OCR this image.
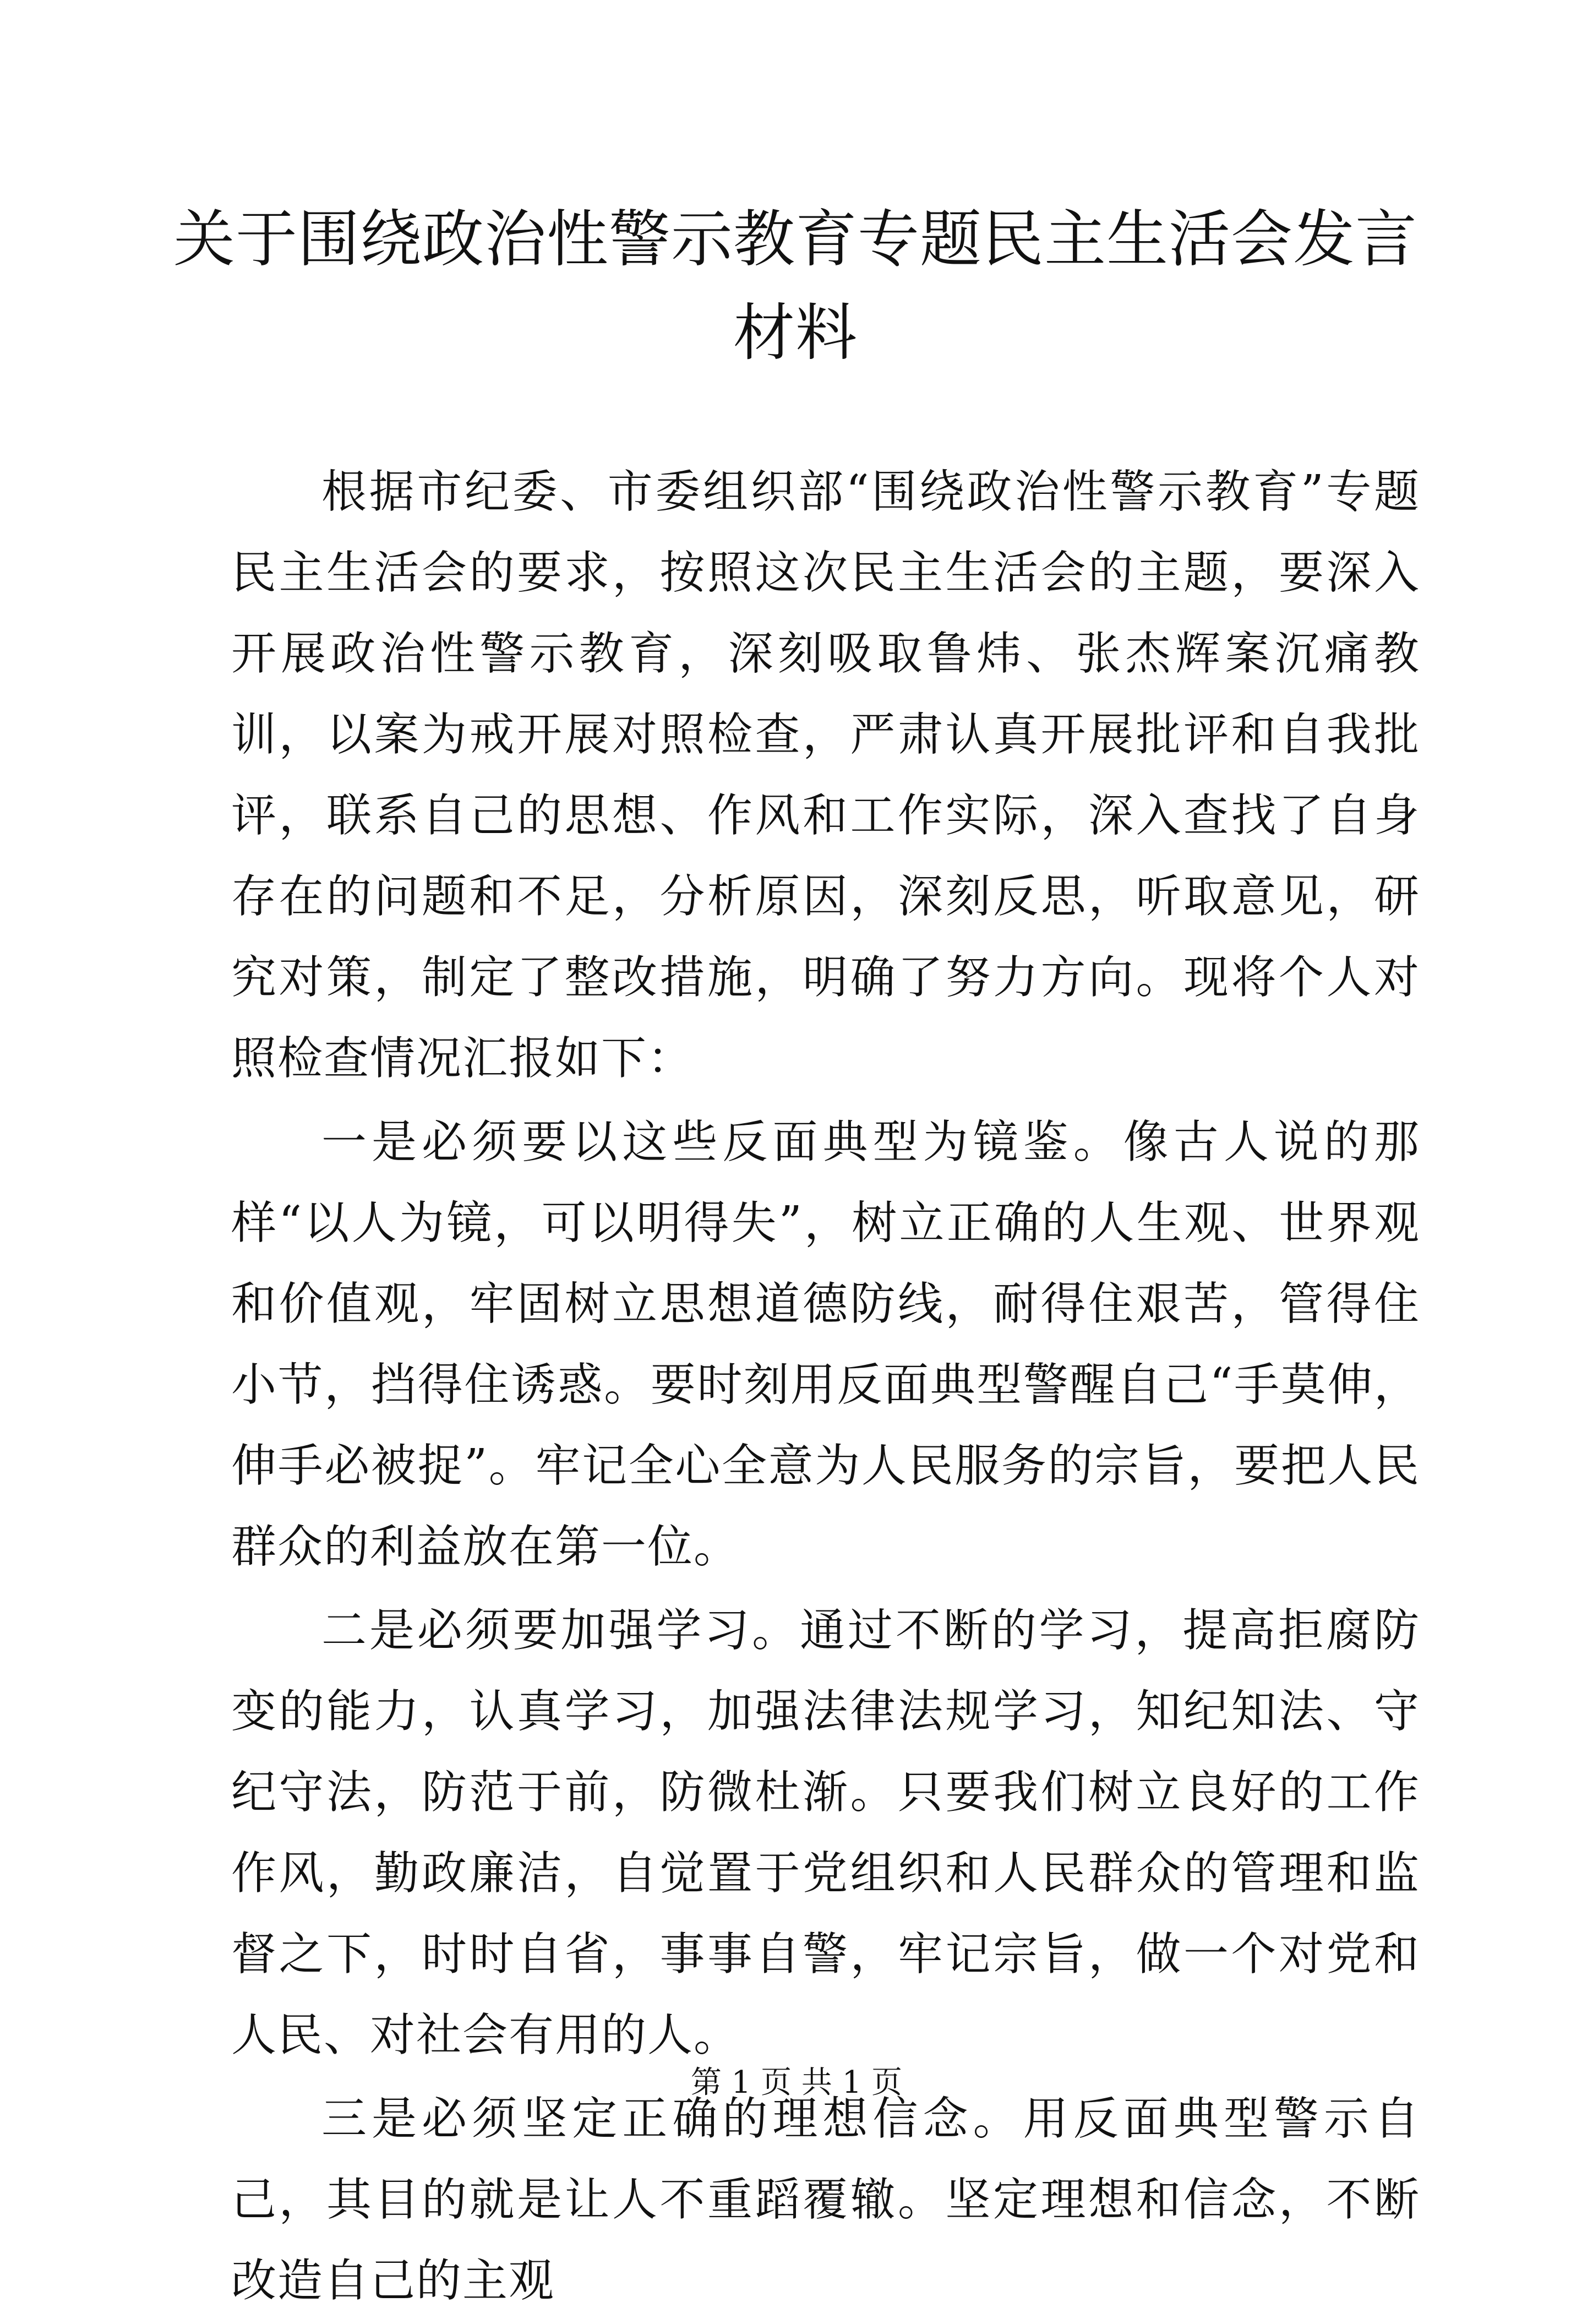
关于围绕政治性警示教育专题民主生活会发言材料

根据市纪委、市委组织部“围绕政治性警示教育”专题民主生活会的要求，按照这次民主生活会的主题，要深入开展政治性警示教育，深刻吸取鲁炜、张杰辉案沉痛教训，以案为戒开展对照检查，严肃认真开展批评和自我批评，联系自己的思想、作风和工作实际，深入查找了自身存在的问题和不足，分析原因，深刻反思，听取意见，研究对策，制定了整改措施，明确了努力方向。现将个人对照检查情况汇报如下：

一是必须要以这些反面典型为镜鉴。像古人说的那样“以人为镜，可以明得失”，树立正确的人生观、世界观和价值观，牢固树立思想道德防线，耐得住艰苦，管得住小节，挡得住诱惑。要时刻用反面典型警醒自己“手莫伸，伸手必被捉”。牢记全心全意为人民服务的宗旨，要把人民群众的利益放在第一位。

二是必须要加强学习。通过不断的学习，提高拒腐防变的能力，认真学习，加强法律法规学习，知纪知法、守纪守法，防范于前，防微杜渐。只要我们树立良好的工作作风，勤政廉洁，自觉置于党组织和人民群众的管理和监督之下，时时自省，事事自警，牢记宗旨，做一个对党和人民、对社会有用的人。

三是必须坚定正确的理想信念。用反面典型警示自己，其目的就是让人不重蹈覆辙。坚定理想和信念，不断改造自己的主观

第 1 页 共 1 页
